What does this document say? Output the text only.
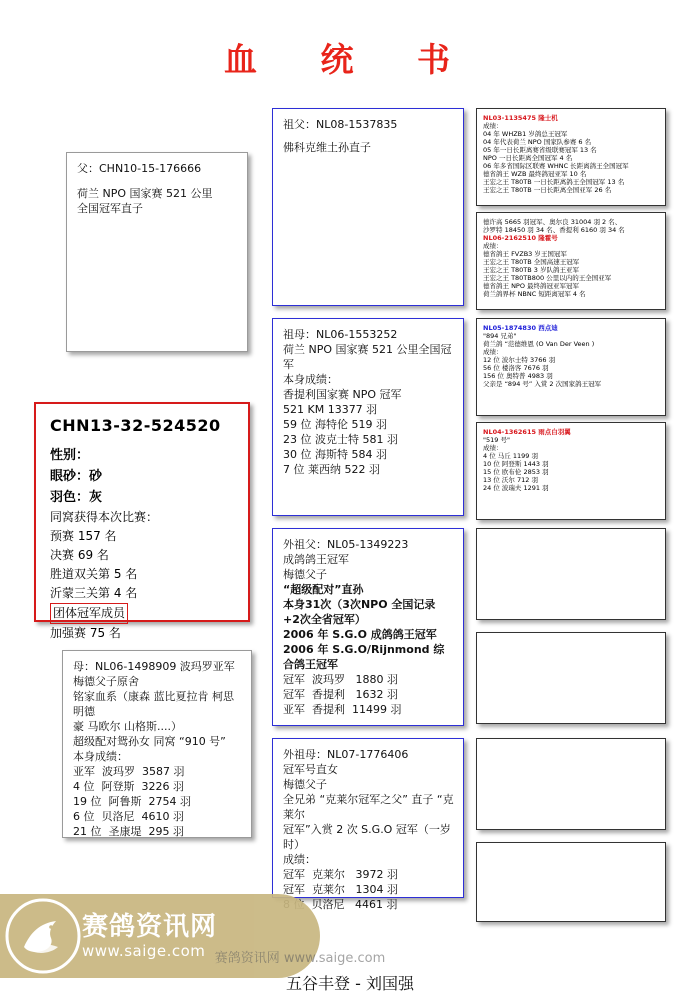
血 统 书
父：CHN10-15-176666
荷兰 NPO 国家赛 521 公里
全国冠军直子
CHN13-32-524520
性别：
眼砂：砂
羽色：灰
同窝获得本次比赛：
预赛 157 名
决赛 69 名
胜道双关第 5 名
沂蒙三关第 4 名
团体冠军成员
加强赛 75 名
母：NL06-1498909 波玛罗亚军
梅德父子原舍
铭家血系（康森 蓝比夏拉肯 柯思 明德
豪 马欧尔 山格斯....）
超级配对鸳孙女 同窝 “910 号”
本身成绩：
亚军 波玛罗 3587 羽
4 位 阿登斯 3226 羽
19 位 阿鲁斯 2754 羽
6 位 贝洛尼 4610 羽
21 位 圣康堤 295 羽
祖父：NL08-1537835
佛科克维土孙直子
祖母：NL06-1553252
荷兰 NPO 国家赛 521 公里全国冠军
本身成绩：
香提利国家赛 NPO 冠军
521 KM 13377 羽
59 位 海特伦 519 羽
23 位 波克士特 581 羽
30 位 海斯特 584 羽
7 位 莱西纳 522 羽
外祖父：NL05-1349223
成鸽鸽王冠军
梅德父子
“超级配对”直孙
本身31次（3次NPO 全国记录 +2次全省冠军）
2006 年 S.G.O 成鸽鸽王冠军
2006 年 S.G.O/Rijnmond 综合鸽王冠军
冠军 波玛罗 1880 羽
冠军 香提利 1632 羽
亚军 香提利 11499 羽
外祖母：NL07-1776406
冠军号直女
梅德父子
全兄弟 “克莱尔冠军之父” 直子 “克莱尔
冠军”入赏 2 次 S.G.O 冠军（一岁时）
成绩：
冠军 克莱尔 3972 羽
冠军 克莱尔 1304 羽
贝洛尼 4461 羽
NL03-1135475 隆士机
成绩：
04 年 WHZB1 岁鸽总王冠军
04 年代表荷兰 NPO 国家队参赛 6 名
05 年一日长距离赛省级联赛冠军 13 名
NPO 一日长距离全国冠军 4 名
06 年多省国际区联赛 WHNC 长距离鸽王全国冠军
德省鸽王 WZB 最终鸽冠亚军 10 名
王宏之王 T80TB 一日长距离鸽王全国冠军 13 名
王宏之王 T80TB 一日长距离全国亚军 26 名
德许高 5665 羽冠军、奥尔良 31004 羽 2 名、
沙罗特 18450 羽 34 名、香提利 6160 羽 34 名
NL06-2162510 隆霍号
成绩：
德省鸽王 FVZB3 岁王国冠军
王宏之王 T80TB 全国高速王冠军
王宏之王 T80TB 3 岁队鸽王亚军
王宏之王 T80TB800 公里以内的王全国亚军
德省鸽王 NPO 最终鸽冠亚军冠军
荷兰鸽界杯 NBNC 短距离冠军 4 名
NL05-1874830 西点迪
"894 兄弟"
荷兰鸽 “范德维恩 (O Van Der Veen )
成绩：
12 位 波尔士特 3766 羽
56 位 楼洛客 7676 羽
156 位 奥特普 4983 羽
父亲是 “894 号” 入赏 2 次国家鸽王冠军
NL04-1362615 雨点白羽翼
"519 号"
成绩：
4 位 马丘 1199 羽
10 位 阿登斯 1443 羽
15 位 欧布伦 2853 羽
13 位 沃尔 712 羽
24 位 波瑞夫 1291 羽
赛鸽资讯网
www.saige.com 赛鸽资讯网 www.saige.com
五谷丰登 - 刘国强
